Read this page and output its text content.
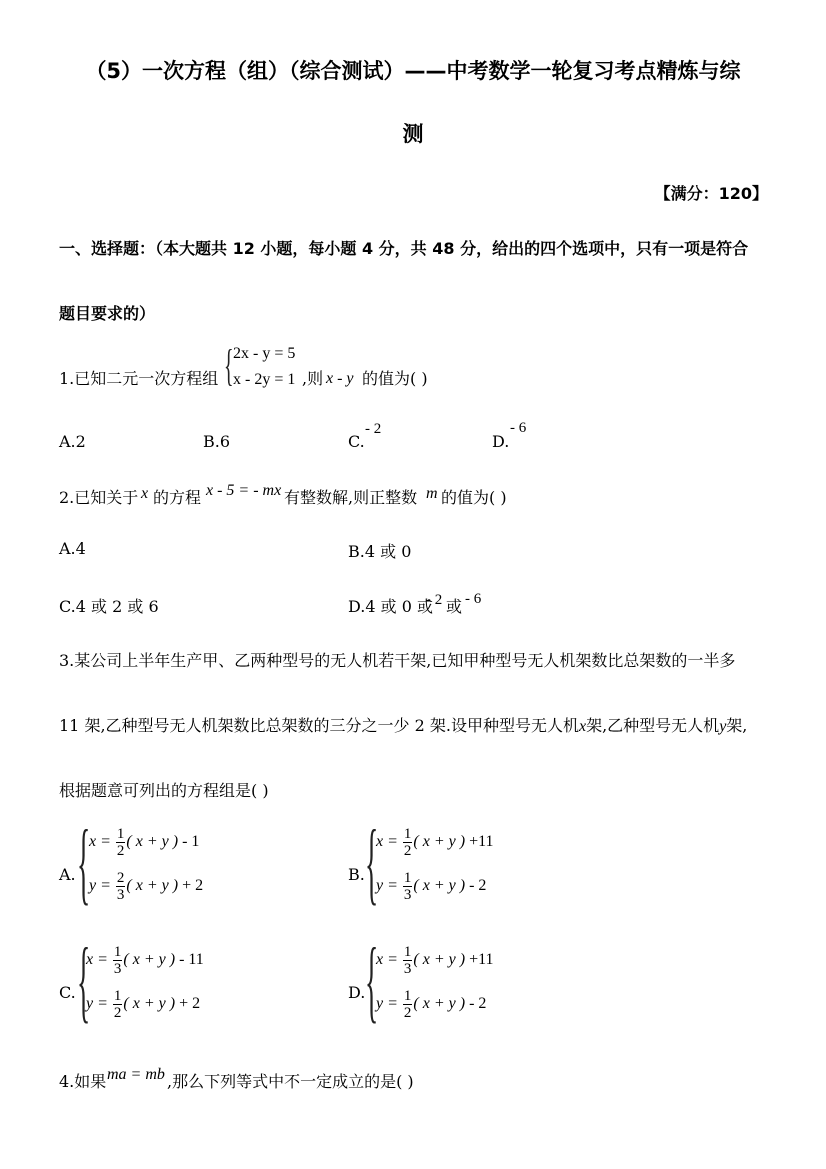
（5）一次方程（组）（综合测试）——中考数学一轮复习考点精炼与综
测
【满分：120】
一、选择题：（本大题共 12 小题，每小题 4 分，共 48 分，给出的四个选项中，只有一项是符合
题目要求的）
1.已知二元一次方程组 { 2x - y = 5
x - 2y = 1 ,则 x - y 的值为( )
A.2	B.6	C.
- 2
D.
- 6
2.已知关于 x 的方程 x - 5 = - mx 有整数解,则正整数 m 的值为( )
A.4	B.4 或 0
C.4 或 2 或 6	D.4 或 0 或
- 2 或 - 6
3.某公司上半年生产甲、乙两种型号的无人机若干架,已知甲种型号无人机架数比总架数的一半多
11 架,乙种型号无人机架数比总架数的三分之一少 2 架.设甲种型号无人机x架,乙种型号无人机y架,
根据题意可列出的方程组是( )
A. {
$x = \frac{1}{2}$ ( x + y ) - 1
$y = \frac{2}{3}$ ( x + y ) + 2
B. {
$x = \frac{1}{2}$ ( x + y ) +11
$y = \frac{1}{3}$ ( x + y ) - 2
C. {
$x = \frac{1}{3}$ ( x + y ) - 11
$y = \frac{1}{2}$ ( x + y ) + 2
D. {
$x = \frac{1}{3}$ ( x + y ) +11
$y = \frac{1}{2}$ ( x + y ) - 2
4.如果 ma = mb ,那么下列等式中不一定成立的是( )
